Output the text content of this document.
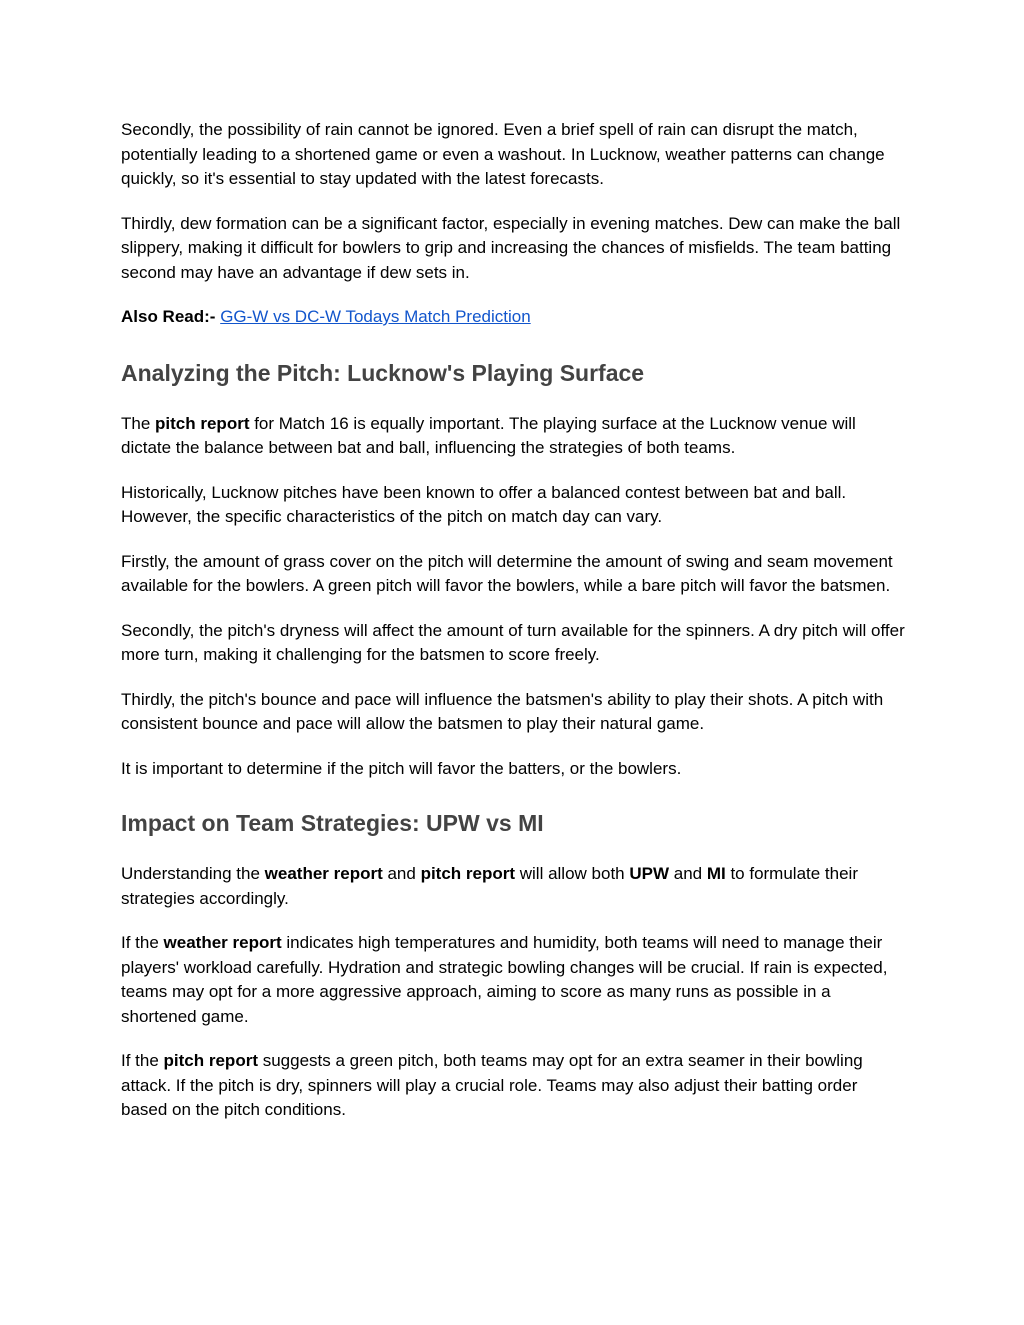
Secondly, the possibility of rain cannot be ignored. Even a brief spell of rain can disrupt the match, potentially leading to a shortened game or even a washout. In Lucknow, weather patterns can change quickly, so it's essential to stay updated with the latest forecasts.

Thirdly, dew formation can be a significant factor, especially in evening matches. Dew can make the ball slippery, making it difficult for bowlers to grip and increasing the chances of misfields. The team batting second may have an advantage if dew sets in.

Also Read:- GG-W vs DC-W Todays Match Prediction

Analyzing the Pitch: Lucknow's Playing Surface

The pitch report for Match 16 is equally important. The playing surface at the Lucknow venue will dictate the balance between bat and ball, influencing the strategies of both teams.

Historically, Lucknow pitches have been known to offer a balanced contest between bat and ball. However, the specific characteristics of the pitch on match day can vary.

Firstly, the amount of grass cover on the pitch will determine the amount of swing and seam movement available for the bowlers. A green pitch will favor the bowlers, while a bare pitch will favor the batsmen.

Secondly, the pitch's dryness will affect the amount of turn available for the spinners. A dry pitch will offer more turn, making it challenging for the batsmen to score freely.

Thirdly, the pitch's bounce and pace will influence the batsmen's ability to play their shots. A pitch with consistent bounce and pace will allow the batsmen to play their natural game.

It is important to determine if the pitch will favor the batters, or the bowlers.

Impact on Team Strategies: UPW vs MI

Understanding the weather report and pitch report will allow both UPW and MI to formulate their strategies accordingly.

If the weather report indicates high temperatures and humidity, both teams will need to manage their players' workload carefully. Hydration and strategic bowling changes will be crucial. If rain is expected, teams may opt for a more aggressive approach, aiming to score as many runs as possible in a shortened game.

If the pitch report suggests a green pitch, both teams may opt for an extra seamer in their bowling attack. If the pitch is dry, spinners will play a crucial role. Teams may also adjust their batting order based on the pitch conditions.
